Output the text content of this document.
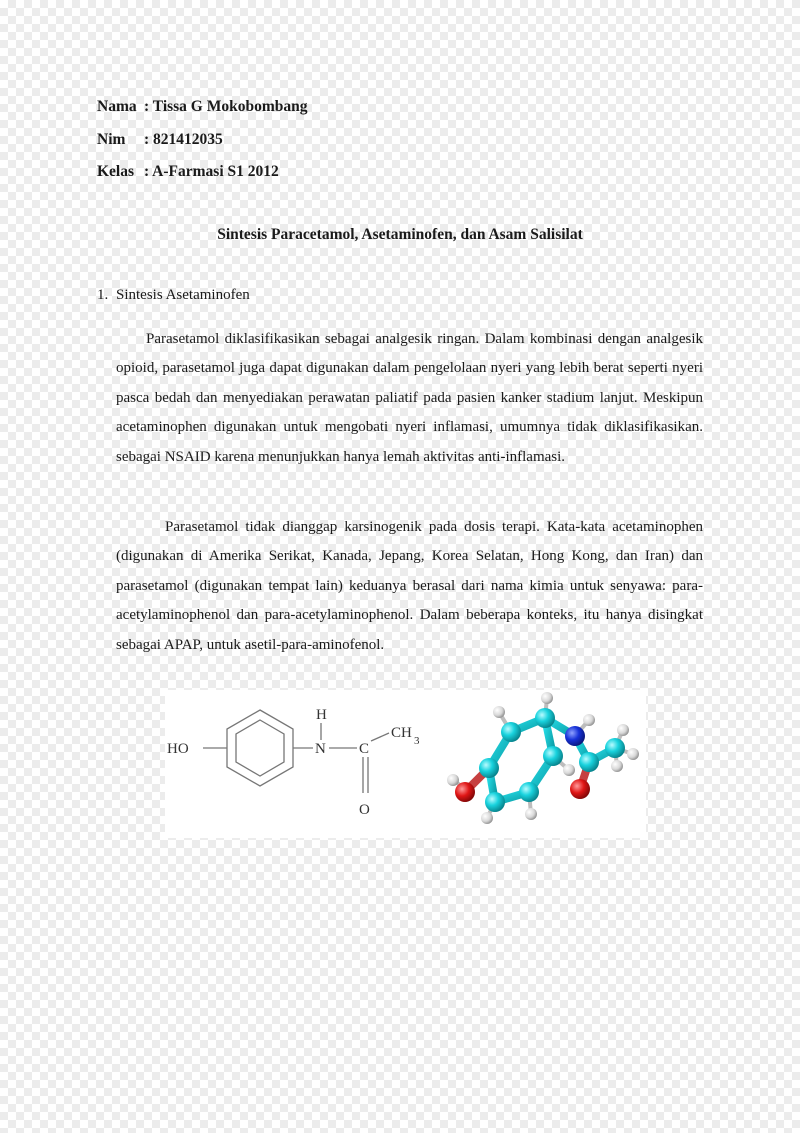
Nama : Tissa G Mokobombang
Nim : 821412035
Kelas : A-Farmasi S1 2012
Sintesis Paracetamol, Asetaminofen, dan Asam Salisilat
1. Sintesis Asetaminofen

Parasetamol diklasifikasikan sebagai analgesik ringan. Dalam kombinasi dengan analgesik opioid, parasetamol juga dapat digunakan dalam pengelolaan nyeri yang lebih berat seperti nyeri pasca bedah dan menyediakan perawatan paliatif pada pasien kanker stadium lanjut. Meskipun acetaminophen digunakan untuk mengobati nyeri inflamasi, umumnya tidak diklasifikasikan. sebagai NSAID karena menunjukkan hanya lemah aktivitas anti-inflamasi.

Parasetamol tidak dianggap karsinogenik pada dosis terapi. Kata-kata acetaminophen (digunakan di Amerika Serikat, Kanada, Jepang, Korea Selatan, Hong Kong, dan Iran) dan parasetamol (digunakan tempat lain) keduanya berasal dari nama kimia untuk senyawa: para-acetylaminophenol dan para-acetylaminophenol. Dalam beberapa konteks, itu hanya disingkat sebagai APAP, untuk asetil-para-aminofenol.

HO
H
N C
O
CH 3
